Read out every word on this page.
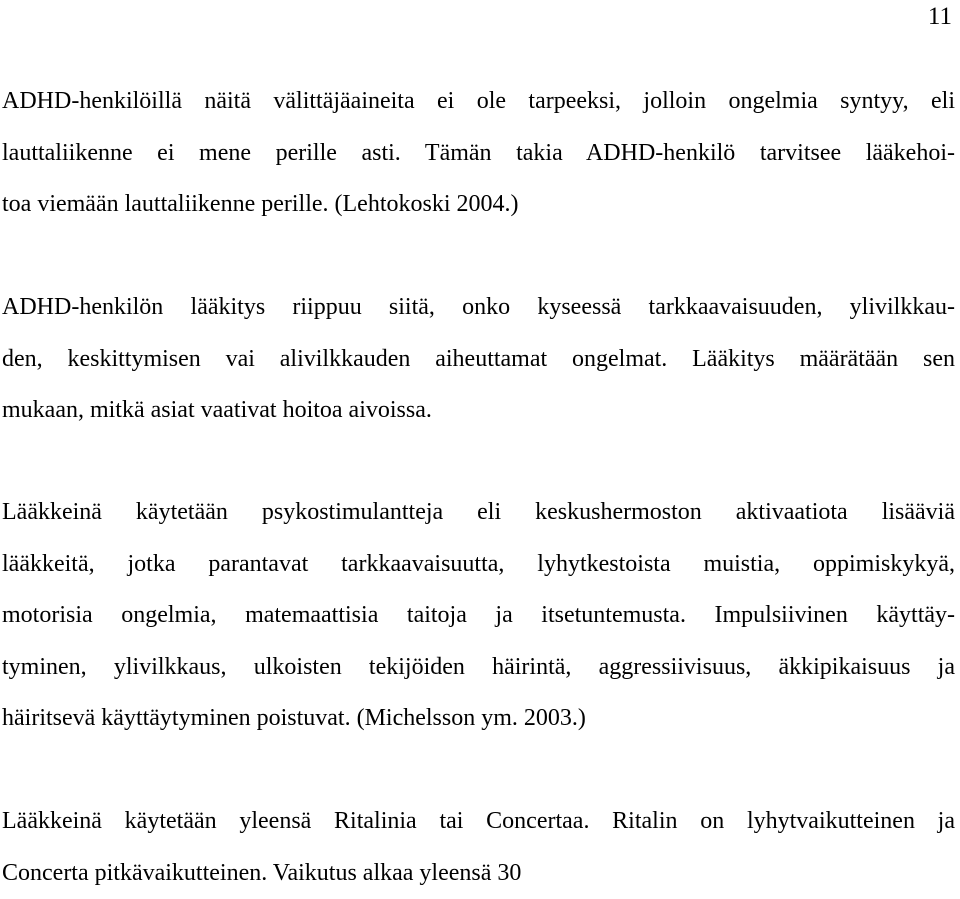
11

ADHD-henkilöillä näitä välittäjäaineita ei ole tarpeeksi, jolloin ongelmia syntyy, eli
lauttaliikenne ei mene perille asti. Tämän takia ADHD-henkilö tarvitsee lääkehoi-
toa viemään lauttaliikenne perille. (Lehtokoski 2004.)

ADHD-henkilön lääkitys riippuu siitä, onko kyseessä tarkkaavaisuuden, ylivilkkau-
den, keskittymisen vai alivilkkauden aiheuttamat ongelmat. Lääkitys määrätään sen
mukaan, mitkä asiat vaativat hoitoa aivoissa.

Lääkkeinä käytetään psykostimulantteja eli keskushermoston aktivaatiota lisääviä
lääkkeitä, jotka parantavat tarkkaavaisuutta, lyhytkestoista muistia, oppimiskykyä,
motorisia ongelmia, matemaattisia taitoja ja itsetuntemusta. Impulsiivinen käyttäy-
tyminen, ylivilkkaus, ulkoisten tekijöiden häirintä, aggressiivisuus, äkkipikaisuus ja
häiritsevä käyttäytyminen poistuvat. (Michelsson ym. 2003.)

Lääkkeinä käytetään yleensä Ritalinia tai Concertaa. Ritalin on lyhytvaikutteinen ja
Concerta pitkävaikutteinen. Vaikutus alkaa yleensä 30
